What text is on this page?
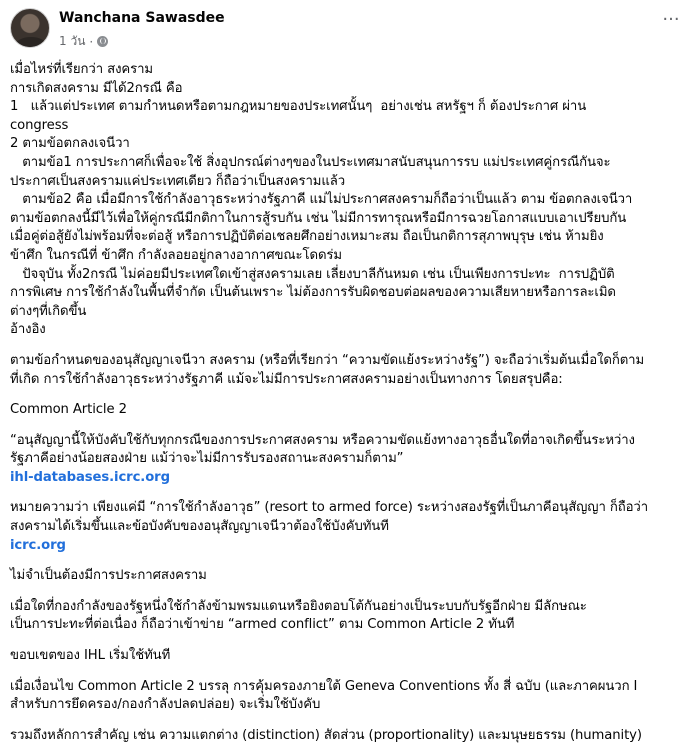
Wanchana Sawasdee
1 วัน ·
···
เมื่อไหร่ที่เรียกว่า สงคราม
การเกิดสงคราม มีได้2กรณี คือ
1   แล้วแต่ประเทศ ตามกำหนดหรือตามกฎหมายของประเทศนั้นๆ  อย่างเช่น สหรัฐฯ ก็ ต้องประกาศ ผ่าน
congress
2 ตามข้อตกลงเจนีวา
ตามข้อ1 การประกาศก็เพื่อจะใช้ สิ่งอุปกรณ์ต่างๆของในประเทศมาสนับสนุนการรบ แม่ประเทศคู่กรณีกันจะ
ประกาศเป็นสงครามแค่ประเทศเดียว ก็ถือว่าเป็นสงครามแล้ว
ตามข้อ2 คือ เมื่อมีการใช้กำลังอาวุธระหว่างรัฐภาคี แม่ไม่ประกาศสงครามก็ถือว่าเป็นแล้ว ตาม ข้อตกลงเจนีวา
ตามข้อตกลงนี้มีไว้เพื่อให้คู่กรณีมีกติกาในการสู้รบกัน เช่น ไม่มีการทารุณหรือมีการฉวยโอกาสแบบเอาเปรียบกัน
เมื่อคู่ต่อสู้ยังไม่พร้อมที่จะต่อสู้ หรือการปฏิบัติต่อเชลยศึกอย่างเหมาะสม ถือเป็นกติการสุภาพบุรุษ เช่น ห้ามยิง
ข้าศึก ในกรณีที่ ข้าศึก กำลังลอยอยู่กลางอากาศขณะโดดร่ม
ปัจจุบัน ทั้ง2กรณี ไม่ค่อยมีประเทศใดเข้าสู่สงครามเลย เลี่ยงบาลีกันหมด เช่น เป็นเพียงการปะทะ  การปฏิบัติ
การพิเศษ การใช้กำลังในพื้นที่จำกัด เป็นต้นเพราะ ไม่ต้องการรับผิดชอบต่อผลของความเสียหายหรือการละเมิด
ต่างๆที่เกิดขึ้น
อ้างอิง
ตามข้อกำหนดของอนุสัญญาเจนีวา สงคราม (หรือที่เรียกว่า “ความขัดแย้งระหว่างรัฐ”) จะถือว่าเริ่มต้นเมื่อใดก็ตาม
ที่เกิด การใช้กำลังอาวุธระหว่างรัฐภาคี แม้จะไม่มีการประกาศสงครามอย่างเป็นทางการ โดยสรุปคือ:
Common Article 2
“อนุสัญญานี้ให้บังคับใช้กับทุกกรณีของการประกาศสงคราม หรือความขัดแย้งทางอาวุธอื่นใดที่อาจเกิดขึ้นระหว่าง
รัฐภาคีอย่างน้อยสองฝ่าย แม้ว่าจะไม่มีการรับรองสถานะสงครามก็ตาม”
ihl-databases.icrc.org
หมายความว่า เพียงแค่มี “การใช้กำลังอาวุธ” (resort to armed force) ระหว่างสองรัฐที่เป็นภาคีอนุสัญญา ก็ถือว่า
สงครามได้เริ่มขึ้นและข้อบังคับของอนุสัญญาเจนีวาต้องใช้บังคับทันที
icrc.org
ไม่จำเป็นต้องมีการประกาศสงคราม
เมื่อใดที่กองกำลังของรัฐหนึ่งใช้กำลังข้ามพรมแดนหรือยิงตอบโต้กันอย่างเป็นระบบกับรัฐอีกฝ่าย มีลักษณะ
เป็นการปะทะที่ต่อเนื่อง ก็ถือว่าเข้าข่าย “armed conflict” ตาม Common Article 2 ทันที
ขอบเขตของ IHL เริ่มใช้ทันที
เมื่อเงื่อนไข Common Article 2 บรรลุ การคุ้มครองภายใต้ Geneva Conventions ทั้ง สี่ ฉบับ (และภาคผนวก I
สำหรับการยึดครอง/กองกำลังปลดปล่อย) จะเริ่มใช้บังคับ
รวมถึงหลักการสำคัญ เช่น ความแตกต่าง (distinction) สัดส่วน (proportionality) และมนุษยธรรม (humanity)
